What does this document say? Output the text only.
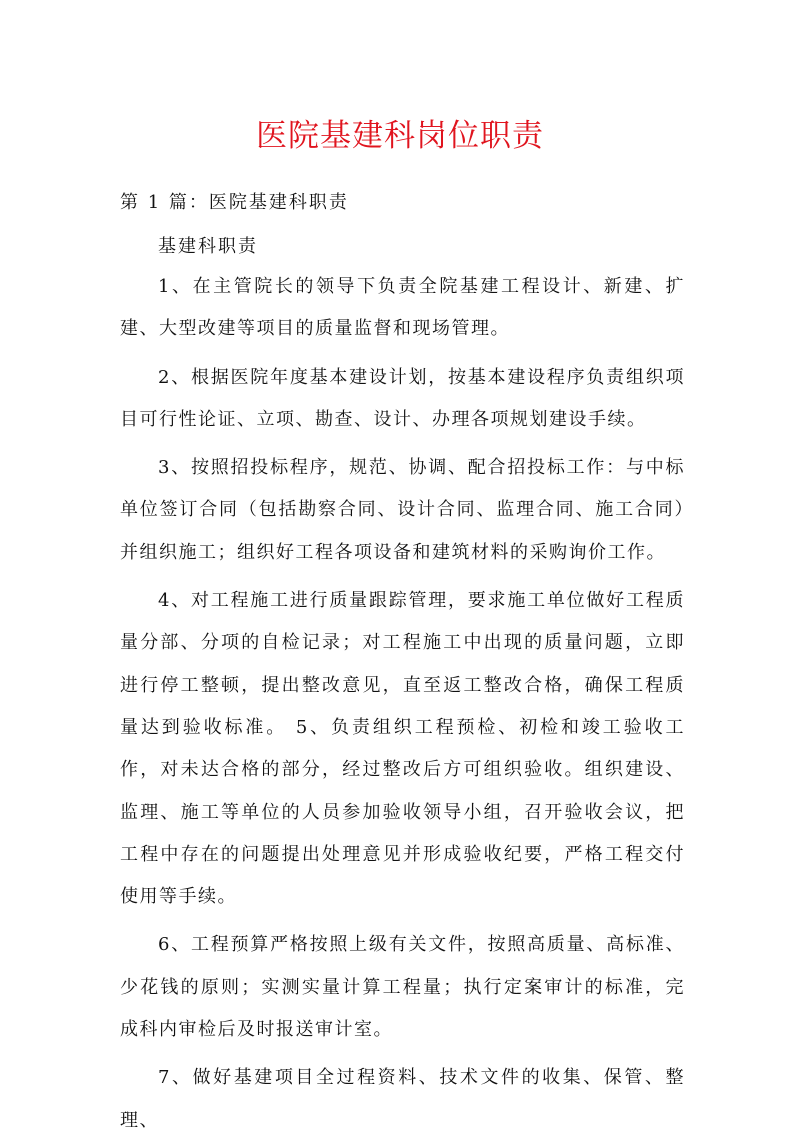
医院基建科岗位职责
第 1 篇：医院基建科职责
基建科职责

1、在主管院长的领导下负责全院基建工程设计、新建、扩建、大型改建等项目的质量监督和现场管理。

2、根据医院年度基本建设计划，按基本建设程序负责组织项目可行性论证、立项、勘查、设计、办理各项规划建设手续。

3、按照招投标程序，规范、协调、配合招投标工作：与中标单位签订合同（包括勘察合同、设计合同、监理合同、施工合同）并组织施工；组织好工程各项设备和建筑材料的采购询价工作。

4、对工程施工进行质量跟踪管理，要求施工单位做好工程质量分部、分项的自检记录；对工程施工中出现的质量问题，立即进行停工整顿，提出整改意见，直至返工整改合格，确保工程质量达到验收标准。 5、负责组织工程预检、初检和竣工验收工作，对未达合格的部分，经过整改后方可组织验收。组织建设、监理、施工等单位的人员参加验收领导小组，召开验收会议，把工程中存在的问题提出处理意见并形成验收纪要，严格工程交付使用等手续。

6、工程预算严格按照上级有关文件，按照高质量、高标准、少花钱的原则；实测实量计算工程量；执行定案审计的标准，完成科内审检后及时报送审计室。

7、做好基建项目全过程资料、技术文件的收集、保管、整理、
